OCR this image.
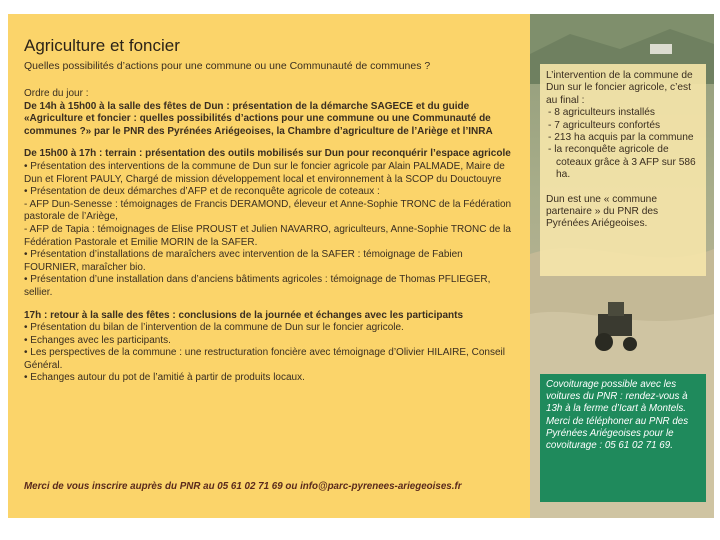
Agriculture et foncier

Quelles possibilités d’actions pour une commune ou une Communauté de communes ?

Ordre du jour :

De 14h à 15h00 à la salle des fêtes de Dun : présentation de la démarche SAGECE et du guide «Agriculture et foncier : quelles possibilités d’actions pour une commune ou une Communauté de communes ?» par le PNR des Pyrénées Ariégeoises, la Chambre d’agriculture de l’Ariège et l’INRA

De 15h00 à 17h : terrain : présentation des outils mobilisés sur Dun pour reconquérir l’espace agricole

• Présentation des interventions de la commune de Dun sur le foncier agricole par Alain PALMADE, Maire de Dun et Florent PAULY, Chargé de mission développement local et environnement à la SCOP du Douctouyre

• Présentation de deux démarches d’AFP et de reconquête agricole de coteaux :

- AFP Dun-Senesse : témoignages de Francis DERAMOND, éleveur et Anne-Sophie TRONC de la Fédération pastorale de l’Ariège,

- AFP de Tapia : témoignages de Elise PROUST et Julien NAVARRO, agriculteurs, Anne-Sophie TRONC de la Fédération Pastorale et Emilie MORIN de la SAFER.

• Présentation d’installations de maraîchers avec intervention de la SAFER : témoignage de Fabien FOURNIER, maraîcher bio.

• Présentation d’une installation dans d’anciens bâtiments agricoles : témoignage de Thomas PFLIEGER, sellier.

17h : retour à la salle des fêtes : conclusions de la journée et échanges avec les participants

• Présentation du bilan de l’intervention de la commune de Dun sur le foncier agricole.

• Echanges avec les participants.

• Les perspectives de la commune : une restructuration foncière avec témoignage d’Olivier HILAIRE, Conseil Général.

• Echanges autour du pot de l’amitié à partir de produits locaux.

Merci de vous inscrire auprès du PNR au 05 61 02 71 69 ou info@parc-pyrenees-ariegeoises.fr
L’intervention de la commune de Dun sur le foncier agricole, c’est au final :
- 8 agriculteurs installés
- 7 agriculteurs confortés
- 213 ha acquis par la commune
- la reconquête agricole de coteaux grâce à 3 AFP sur 586 ha.
Dun est une « commune partenaire » du PNR des Pyrénées Ariégeoises.
Covoiturage possible avec les voitures du PNR : rendez-vous à 13h à la ferme d’Icart à Montels. Merci de téléphoner au PNR des Pyrénées Ariégeoises pour le covoiturage : 05 61 02 71 69.
